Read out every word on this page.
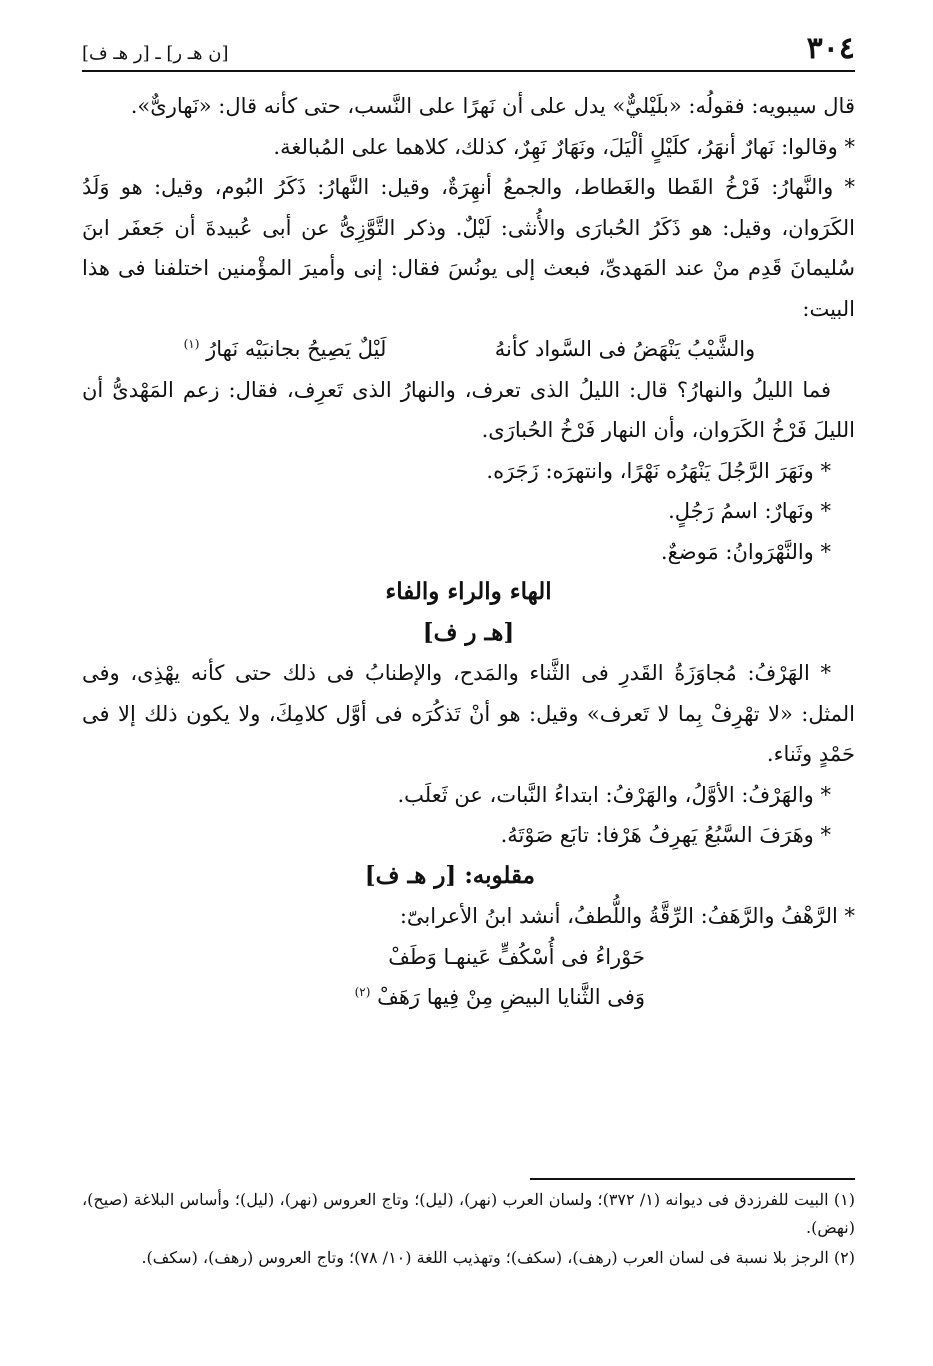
٣٠٤
[ن هـ ر] ـ [ر هـ ف]

قال سيبويه: فقولُه: «بلَيْليٌّ» يدل على أن نَهرًا على النَّسب، حتى كأنه قال: «نَهارىٌّ».

* وقالوا: نَهارٌ أنهَرُ، كلَيْلٍ ألْيَلَ، ونَهَارٌ نَهِرٌ، كذلك، كلاهما على المُبالغة.

* والنَّهارُ: فَرْخُ القَطا والغَطاط، والجمعُ أنهِرَةٌ، وقيل: النَّهارُ: ذَكَرُ البُوم، وقيل: هو وَلَدُ الكَرَوان، وقيل: هو ذَكَرُ الحُبارَى والأُنثى: لَيْلٌ. وذكر التَّوَّزِىُّ عن أبى عُبيدةَ أن جَعفَر ابنَ سُليمانَ قَدِم منْ عند المَهدىِّ، فبعث إلى يونُسَ فقال: إنى وأميرَ المؤْمنين اختلفنا فى هذا البيت:

والشَّيْبُ يَنْهَضُ فى السَّواد كأنهُ
لَيْلٌ يَصِيحُ بجانبَيْه نَهارُ $^{(١)}$

فما الليلُ والنهارُ؟ قال: الليلُ الذى تعرف، والنهارُ الذى تَعرِف، فقال: زعم المَهْدىُّ أن الليلَ فَرْخُ الكَرَوان، وأن النهار فَرْخُ الحُبارَى.

* ونَهَرَ الرَّجُلَ يَنْهَرُه نَهْرًا، وانتهرَه: زَجَرَه.

* ونَهارٌ: اسمُ رَجُلٍ.

* والنَّهْرَوانُ: مَوضعٌ.

الهاء والراء والفاء
[هـ ر ف]

* الهَرْفُ: مُجاوَزَةُ القَدرِ فى الثَّناء والمَدح، والإطنابُ فى ذلك حتى كأنه يهْذِى، وفى المثل: «لا تهْرِفْ بِما لا تَعرف» وقيل: هو أنْ تَذكُرَه فى أوَّل كلامِكَ، ولا يكون ذلك إلا فى حَمْدٍ وثَناء.

* والهَرْفُ: الأوَّلُ، والهَرْفُ: ابتداءُ النَّبات، عن ثَعلَب.

* وهَرَفَ السَّبُعُ يَهرِفُ هَرْفا: تابَع صَوْتَهُ.

مقلوبه: [ر هـ ف]

* الرَّهْفُ والرَّهَفُ: الرِّقَّةُ واللُّطفُ، أنشد ابنُ الأعرابىّ:

حَوْراءُ فى أُسْكُفٍّ عَينهـا وَطَفْ
وَفى الثَّنايا البيضِ مِنْ فِيها رَهَفْ $^{(٢)}$

(١) البيت للفرزدق فى ديوانه (١/ ٣٧٢)؛ ولسان العرب (نهر)، (ليل)؛ وتاج العروس (نهر)، (ليل)؛ وأساس البلاغة (صيح)، (نهض).

(٢) الرجز بلا نسبة فى لسان العرب (رهف)، (سكف)؛ وتهذيب اللغة (١٠/ ٧٨)؛ وتاج العروس (رهف)، (سكف).
